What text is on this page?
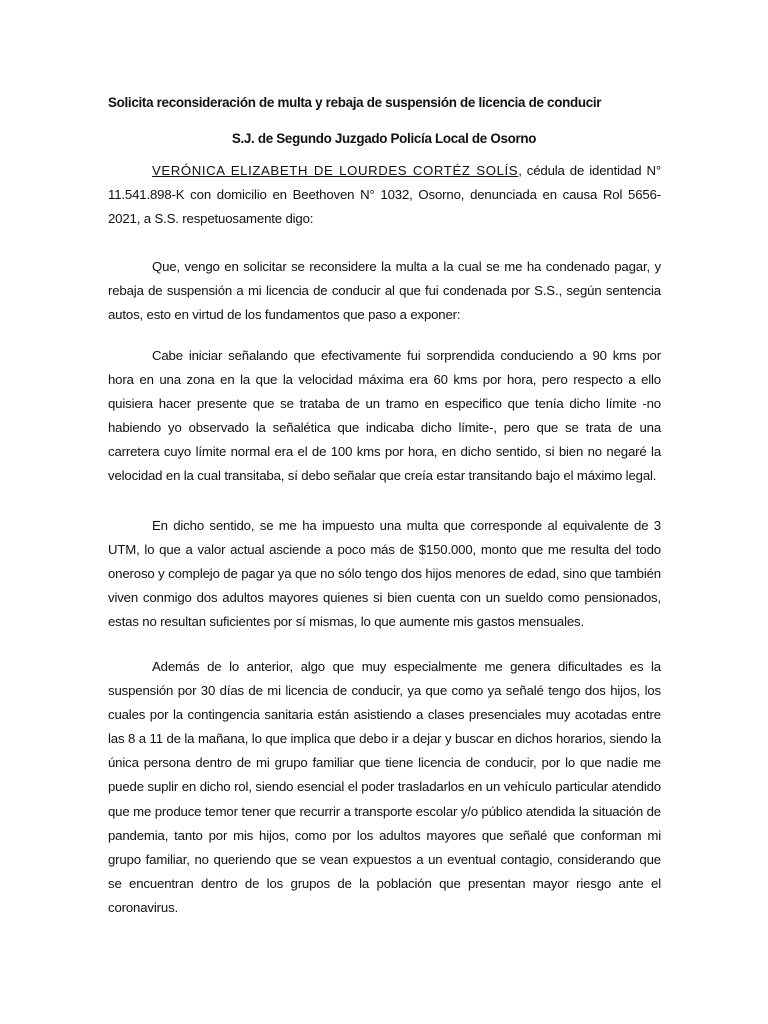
Solicita reconsideración de multa y rebaja de suspensión de licencia de conducir
S.J. de Segundo Juzgado Policía Local de Osorno
VERÓNICA ELIZABETH DE LOURDES CORTÉZ SOLÍS, cédula de identidad N° 11.541.898-K con domicilio en Beethoven N° 1032, Osorno, denunciada en causa Rol 5656-2021, a S.S. respetuosamente digo:
Que, vengo en solicitar se reconsidere la multa a la cual se me ha condenado pagar, y rebaja de suspensión a mi licencia de conducir al que fui condenada por S.S., según sentencia autos, esto en virtud de los fundamentos que paso a exponer:
Cabe iniciar señalando que efectivamente fui sorprendida conduciendo a 90 kms por hora en una zona en la que la velocidad máxima era 60 kms por hora, pero respecto a ello quisiera hacer presente que se trataba de un tramo en especifico que tenía dicho límite -no habiendo yo observado la señalética que indicaba dicho límite-, pero que se trata de una carretera cuyo límite normal era el de 100 kms por hora, en dicho sentido, si bien no negaré la velocidad en la cual transitaba, sí debo señalar que creía estar transitando bajo el máximo legal.
En dicho sentido, se me ha impuesto una multa que corresponde al equivalente de 3 UTM, lo que a valor actual asciende a poco más de $150.000, monto que me resulta del todo oneroso y complejo de pagar ya que no sólo tengo dos hijos menores de edad, sino que también viven conmigo dos adultos mayores quienes si bien cuenta con un sueldo como pensionados, estas no resultan suficientes por sí mismas, lo que aumente mis gastos mensuales.
Además de lo anterior, algo que muy especialmente me genera dificultades es la suspensión por 30 días de mi licencia de conducir, ya que como ya señalé tengo dos hijos, los cuales por la contingencia sanitaria están asistiendo a clases presenciales muy acotadas entre las 8 a 11 de la mañana, lo que implica que debo ir a dejar y buscar en dichos horarios, siendo la única persona dentro de mi grupo familiar que tiene licencia de conducir, por lo que nadie me puede suplir en dicho rol, siendo esencial el poder trasladarlos en un vehículo particular atendido que me produce temor tener que recurrir a transporte escolar y/o público atendida la situación de pandemia, tanto por mis hijos, como por los adultos mayores que señalé que conforman mi grupo familiar, no queriendo que se vean expuestos a un eventual contagio, considerando que se encuentran dentro de los grupos de la población que presentan mayor riesgo ante el coronavirus.
